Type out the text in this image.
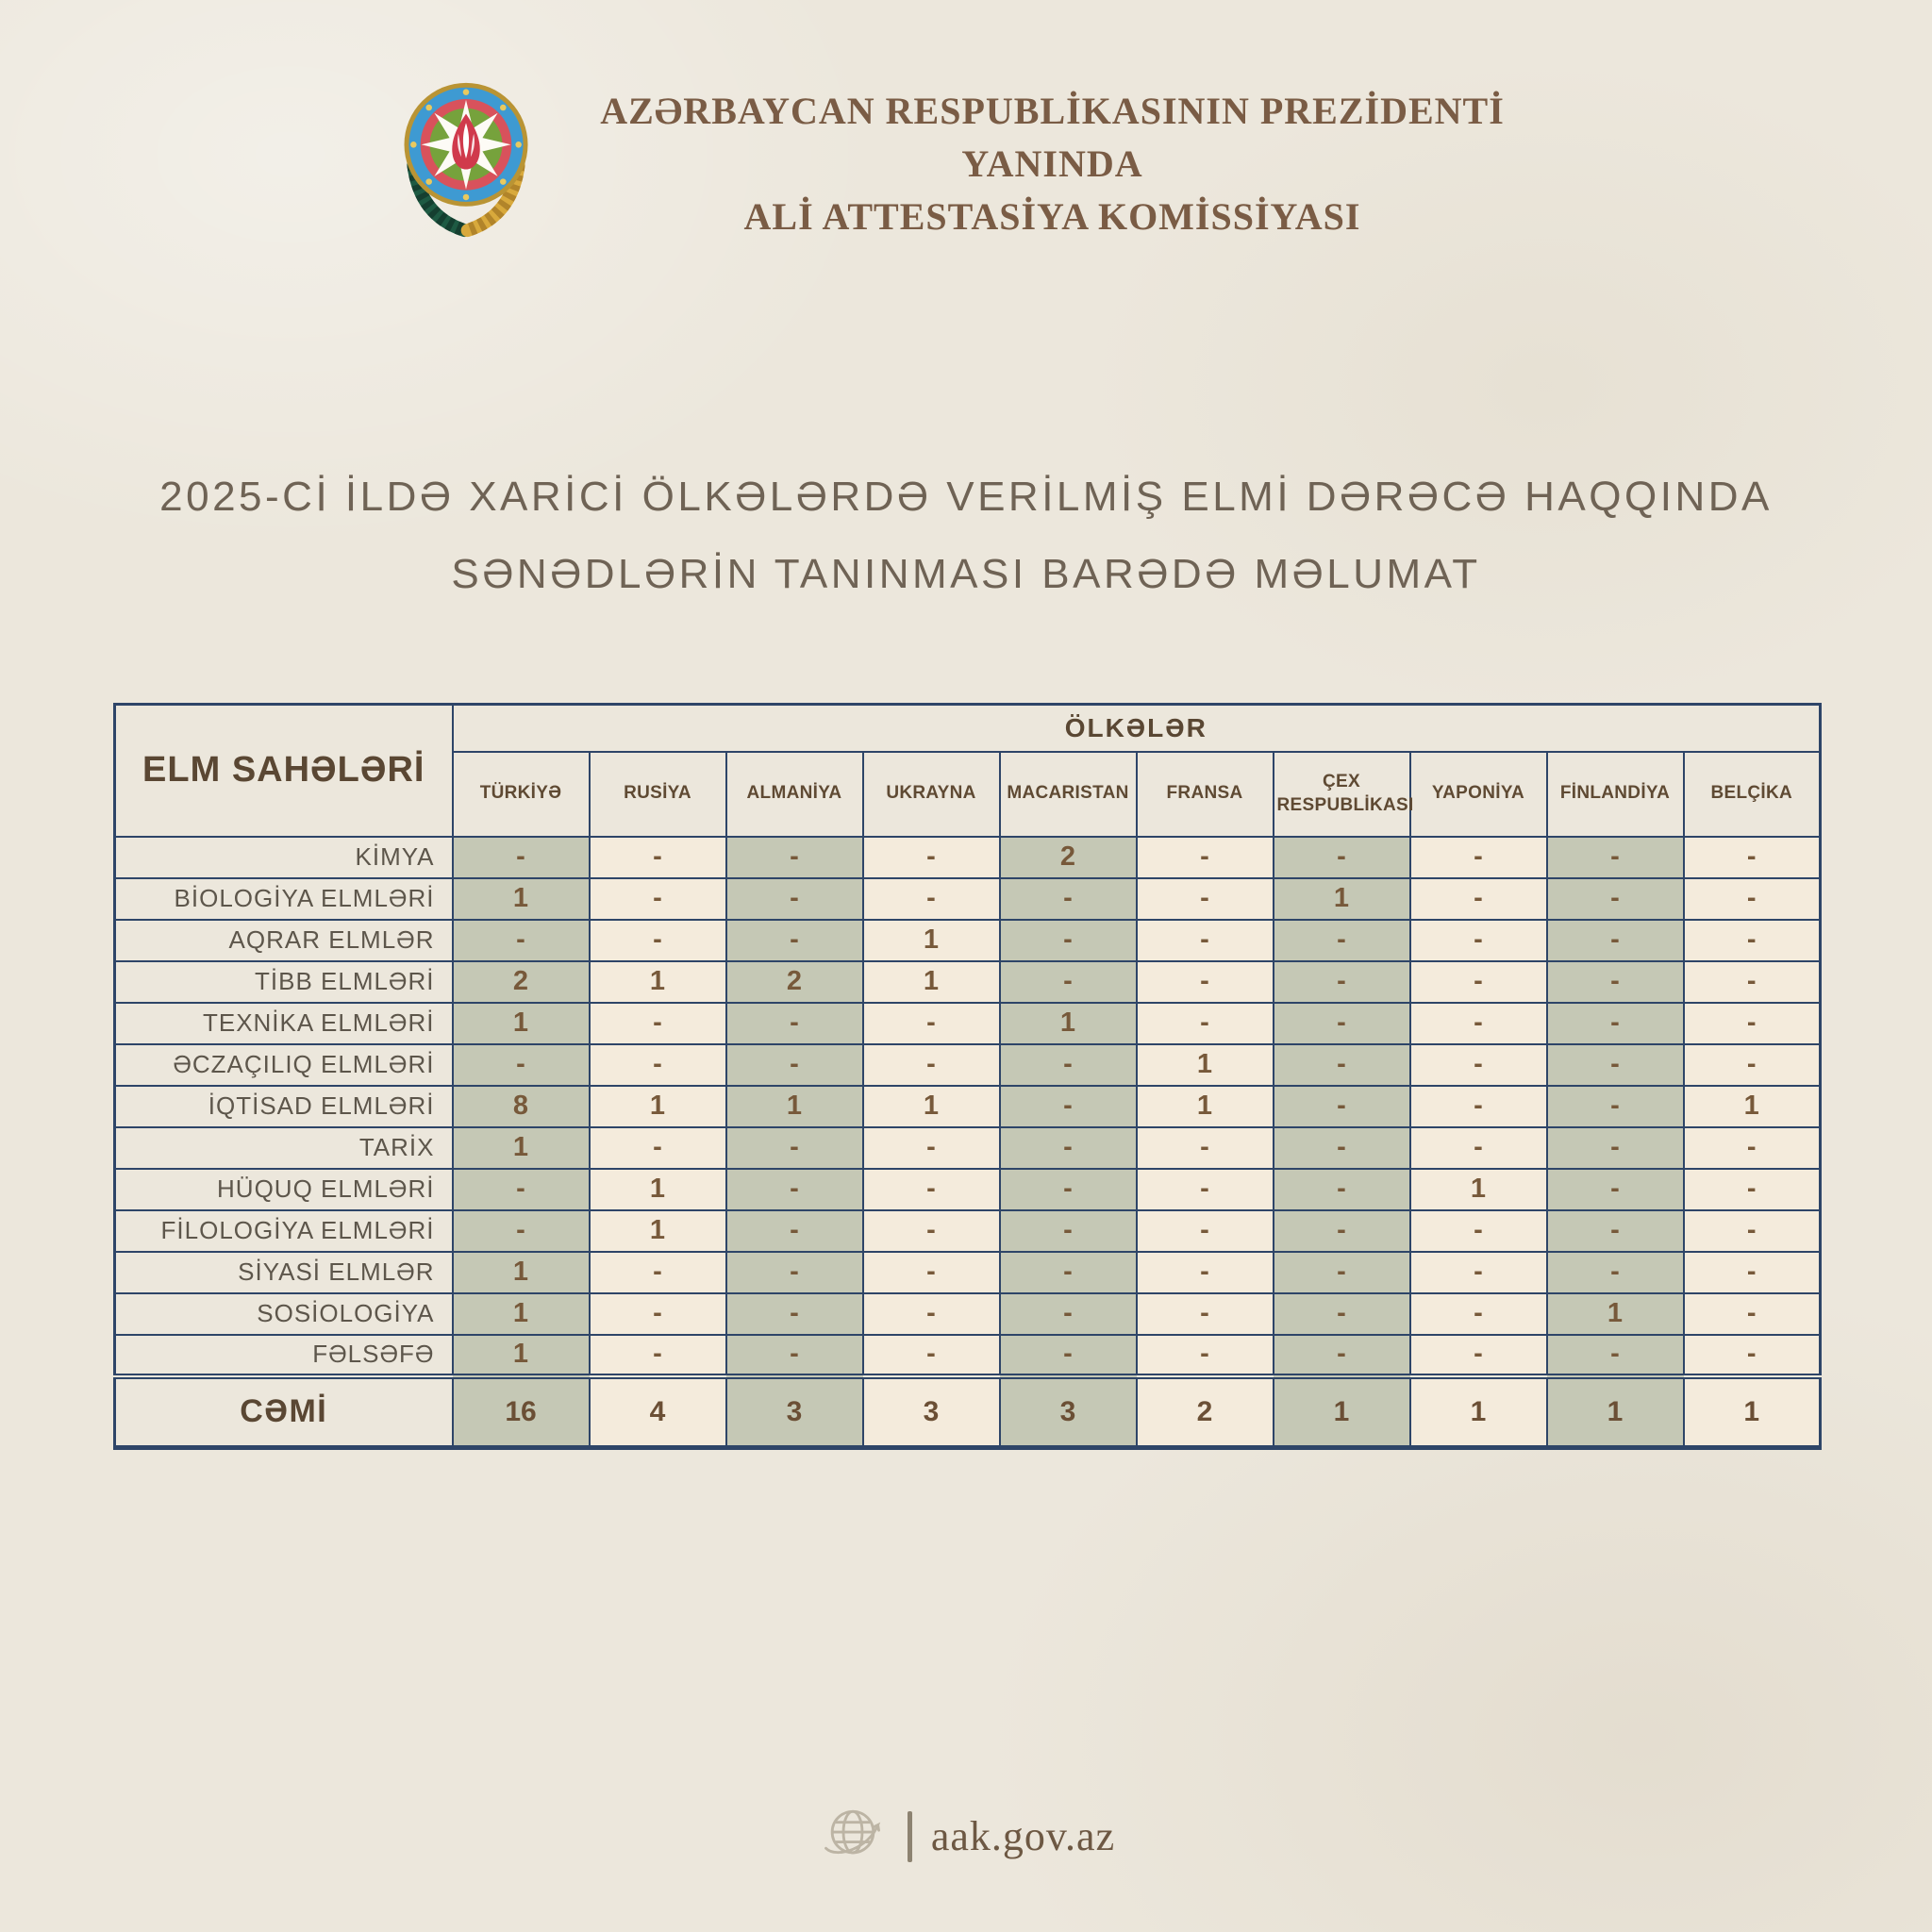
AZƏRBAYCAN RESPUBLİKASININ PREZİDENTİ YANINDA
ALİ ATTESTASİYA KOMİSSİYASI
2025-Cİ İLDƏ XARİCİ ÖLKƏLƏRDƏ VERİLMİŞ ELMİ DƏRƏCƏ HAQQINDA
SƏNƏDLƏRİN TANINMASI BARƏDƏ MƏLUMAT
ELM SAHƏLƏRİ	ÖLKƏLƏR									
	TÜRKİYƏ	RUSİYA	ALMANİYA	UKRAYNA	MACARISTAN	FRANSA	ÇEX RESPUBLİKASI	YAPONİYA	FİNLANDİYA	BELÇİKA
KİMYA	-	-	-	-	2	-	-	-	-	-
BİOLOGİYA ELMLƏRİ	1	-	-	-	-	-	1	-	-	-
AQRAR ELMLƏR	-	-	-	1	-	-	-	-	-	-
TİBB ELMLƏRİ	2	1	2	1	-	-	-	-	-	-
TEXNİKA ELMLƏRİ	1	-	-	-	1	-	-	-	-	-
ƏCZAÇILIQ ELMLƏRİ	-	-	-	-	-	1	-	-	-	-
İQTİSAD ELMLƏRİ	8	1	1	1	-	1	-	-	-	1
TARİX	1	-	-	-	-	-	-	-	-	-
HÜQUQ ELMLƏRİ	-	1	-	-	-	-	-	1	-	-
FİLOLOGİYA ELMLƏRİ	-	1	-	-	-	-	-	-	-	-
SİYASİ ELMLƏR	1	-	-	-	-	-	-	-	-	-
SOSİOLOGİYA	1	-	-	-	-	-	-	-	1	-
FƏLSƏFƏ	1	-	-	-	-	-	-	-	-	-
CƏMİ	16	4	3	3	3	2	1	1	1	1
aak.gov.az
